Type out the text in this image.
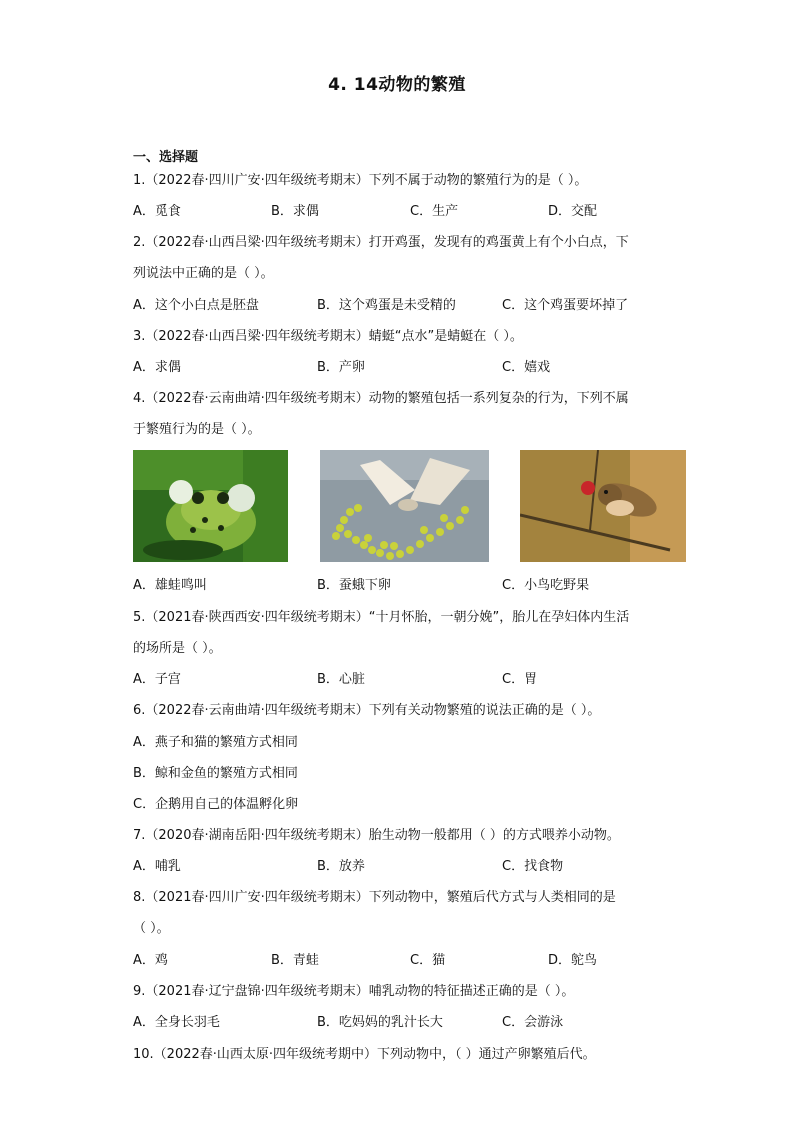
4. 14动物的繁殖
一、选择题
1.（2022春·四川广安·四年级统考期末）下列不属于动物的繁殖行为的是（ ）。
A．觅食	B．求偶	C．生产	D．交配
2.（2022春·山西吕梁·四年级统考期末）打开鸡蛋，发现有的鸡蛋黄上有个小白点，下
列说法中正确的是（ ）。
A．这个小白点是胚盘	B．这个鸡蛋是未受精的	C．这个鸡蛋要坏掉了
3.（2022春·山西吕梁·四年级统考期末）蜻蜓“点水”是蜻蜓在（ ）。
A．求偶	B．产卵	C．嬉戏
4.（2022春·云南曲靖·四年级统考期末）动物的繁殖包括一系列复杂的行为，下列不属
于繁殖行为的是（ ）。
A．雄蛙鸣叫	B．蚕蛾下卵	C．小鸟吃野果
5.（2021春·陕西西安·四年级统考期末）“十月怀胎，一朝分娩”，胎儿在孕妇体内生活
的场所是（ ）。
A．子宫	B．心脏	C．胃
6.（2022春·云南曲靖·四年级统考期末）下列有关动物繁殖的说法正确的是（ ）。
A．燕子和猫的繁殖方式相同
B．鲸和金鱼的繁殖方式相同
C．企鹅用自己的体温孵化卵
7.（2020春·湖南岳阳·四年级统考期末）胎生动物一般都用（ ）的方式喂养小动物。
A．哺乳	B．放养	C．找食物
8.（2021春·四川广安·四年级统考期末）下列动物中，繁殖后代方式与人类相同的是
（ ）。
A．鸡	B．青蛙	C．猫	D．鸵鸟
9.（2021春·辽宁盘锦·四年级统考期末）哺乳动物的特征描述正确的是（ ）。
A．全身长羽毛	B．吃妈妈的乳汁长大	C．会游泳
10.（2022春·山西太原·四年级统考期中）下列动物中，（ ）通过产卵繁殖后代。
